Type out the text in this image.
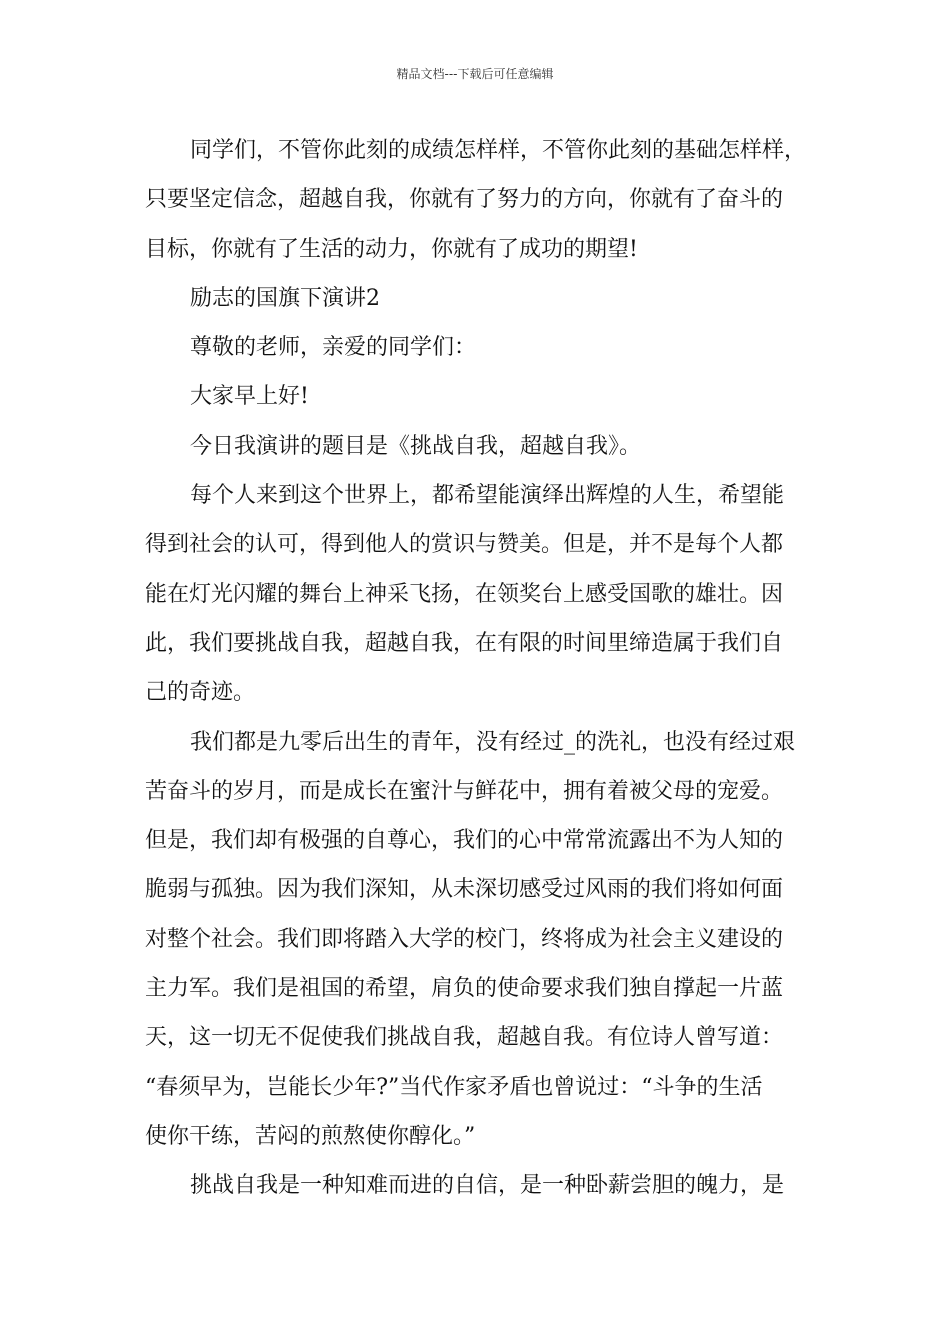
精品文档---下载后可任意编辑
同学们，不管你此刻的成绩怎样样，不管你此刻的基础怎样样，
只要坚定信念，超越自我，你就有了努力的方向，你就有了奋斗的
目标，你就有了生活的动力，你就有了成功的期望!
励志的国旗下演讲2
尊敬的老师，亲爱的同学们：
大家早上好!
今日我演讲的题目是《挑战自我，超越自我》。
每个人来到这个世界上，都希望能演绎出辉煌的人生，希望能
得到社会的认可，得到他人的赏识与赞美。但是，并不是每个人都
能在灯光闪耀的舞台上神采飞扬，在领奖台上感受国歌的雄壮。因
此，我们要挑战自我，超越自我，在有限的时间里缔造属于我们自
己的奇迹。
我们都是九零后出生的青年，没有经过_的洗礼，也没有经过艰
苦奋斗的岁月，而是成长在蜜汁与鲜花中，拥有着被父母的宠爱。
但是，我们却有极强的自尊心，我们的心中常常流露出不为人知的
脆弱与孤独。因为我们深知，从未深切感受过风雨的我们将如何面
对整个社会。我们即将踏入大学的校门，终将成为社会主义建设的
主力军。我们是祖国的希望，肩负的使命要求我们独自撑起一片蓝
天，这一切无不促使我们挑战自我，超越自我。有位诗人曾写道：
“春须早为，岂能长少年?”当代作家矛盾也曾说过：“斗争的生活
使你干练，苦闷的煎熬使你醇化。”
挑战自我是一种知难而进的自信，是一种卧薪尝胆的魄力，是
